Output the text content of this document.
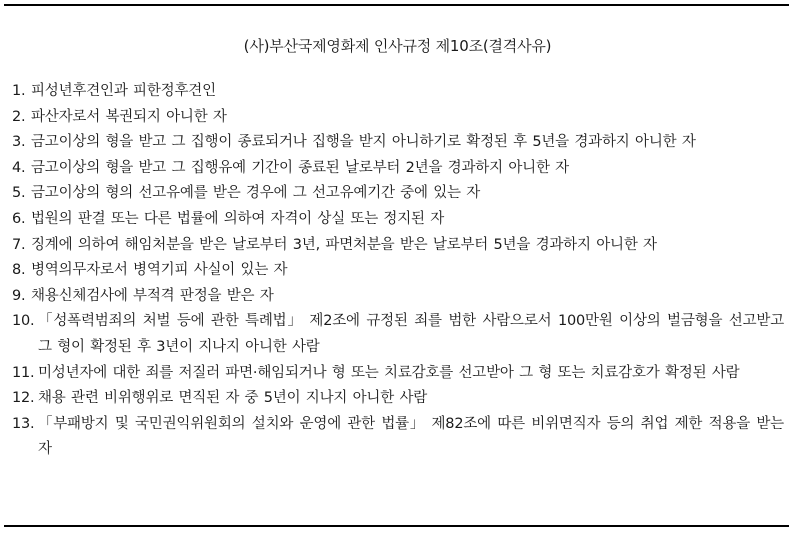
(사)부산국제영화제 인사규정 제10조(결격사유)
1. 피성년후견인과 피한정후견인
2. 파산자로서 복권되지 아니한 자
3. 금고이상의 형을 받고 그 집행이 종료되거나 집행을 받지 아니하기로 확정된 후 5년을 경과하지 아니한 자
4. 금고이상의 형을 받고 그 집행유예 기간이 종료된 날로부터 2년을 경과하지 아니한 자
5. 금고이상의 형의 선고유예를 받은 경우에 그 선고유예기간 중에 있는 자
6. 법원의 판결 또는 다른 법률에 의하여 자격이 상실 또는 정지된 자
7. 징계에 의하여 해임처분을 받은 날로부터 3년, 파면처분을 받은 날로부터 5년을 경과하지 아니한 자
8. 병역의무자로서 병역기피 사실이 있는 자
9. 채용신체검사에 부적격 판정을 받은 자
10. 「성폭력범죄의 처벌 등에 관한 특례법」 제2조에 규정된 죄를 범한 사람으로서 100만원 이상의 벌금형을 선고받고 그 형이 확정된 후 3년이 지나지 아니한 사람
11. 미성년자에 대한 죄를 저질러 파면·해임되거나 형 또는 치료감호를 선고받아 그 형 또는 치료감호가 확정된 사람
12. 채용 관련 비위행위로 면직된 자 중 5년이 지나지 아니한 사람
13. 「부패방지 및 국민권익위원회의 설치와 운영에 관한 법률」 제82조에 따른 비위면직자 등의 취업 제한 적용을 받는 자
